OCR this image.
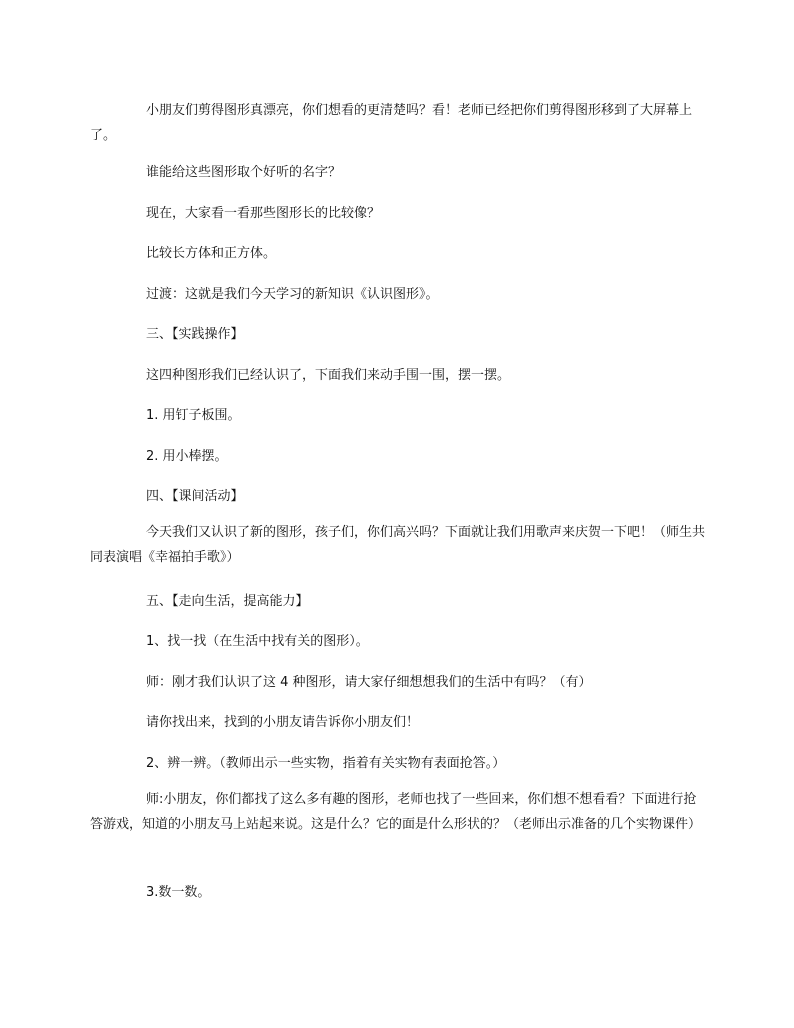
小朋友们剪得图形真漂亮，你们想看的更清楚吗？看！老师已经把你们剪得图形移到了大屏幕上了。

谁能给这些图形取个好听的名字？

现在，大家看一看那些图形长的比较像？

比较长方体和正方体。

过渡：这就是我们今天学习的新知识《认识图形》。

三、【实践操作】

这四种图形我们已经认识了，下面我们来动手围一围，摆一摆。

1. 用钉子板围。

2. 用小棒摆。

四、【课间活动】

今天我们又认识了新的图形，孩子们，你们高兴吗？下面就让我们用歌声来庆贺一下吧！（师生共同表演唱《幸福拍手歌》）

五、【走向生活，提高能力】

1、找一找（在生活中找有关的图形）。

师：刚才我们认识了这 4 种图形，请大家仔细想想我们的生活中有吗？（有）

请你找出来，找到的小朋友请告诉你小朋友们！

2、辨一辨。（教师出示一些实物，指着有关实物有表面抢答。）

师:小朋友，你们都找了这么多有趣的图形，老师也找了一些回来，你们想不想看看？下面进行抢答游戏，知道的小朋友马上站起来说。这是什么？它的面是什么形状的？（老师出示准备的几个实物课件）

3.数一数。
